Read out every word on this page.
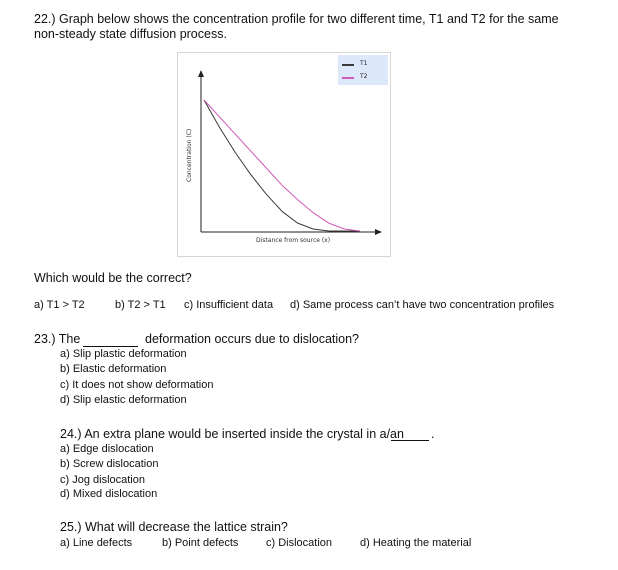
22.) Graph below shows the concentration profile for two different time, T1 and T2 for the same
non-steady state diffusion process.
T1
T2
Concentration (C)
Distance from source (x)
Which would be the correct?
a) T1 > T2	b) T2 > T1 c) Insufficient data d) Same process can’t have two concentration profiles
23.) The	deformation occurs due to dislocation?
a) Slip plastic deformation
b) Elastic deformation
c) It does not show deformation
d) Slip elastic deformation
24.) An extra plane would be inserted inside the crystal in a/an .
a) Edge dislocation
b) Screw dislocation
c) Jog dislocation
d) Mixed dislocation
25.) What will decrease the lattice strain?
a) Line defects	b) Point defects	c) Dislocation	d) Heating the material
